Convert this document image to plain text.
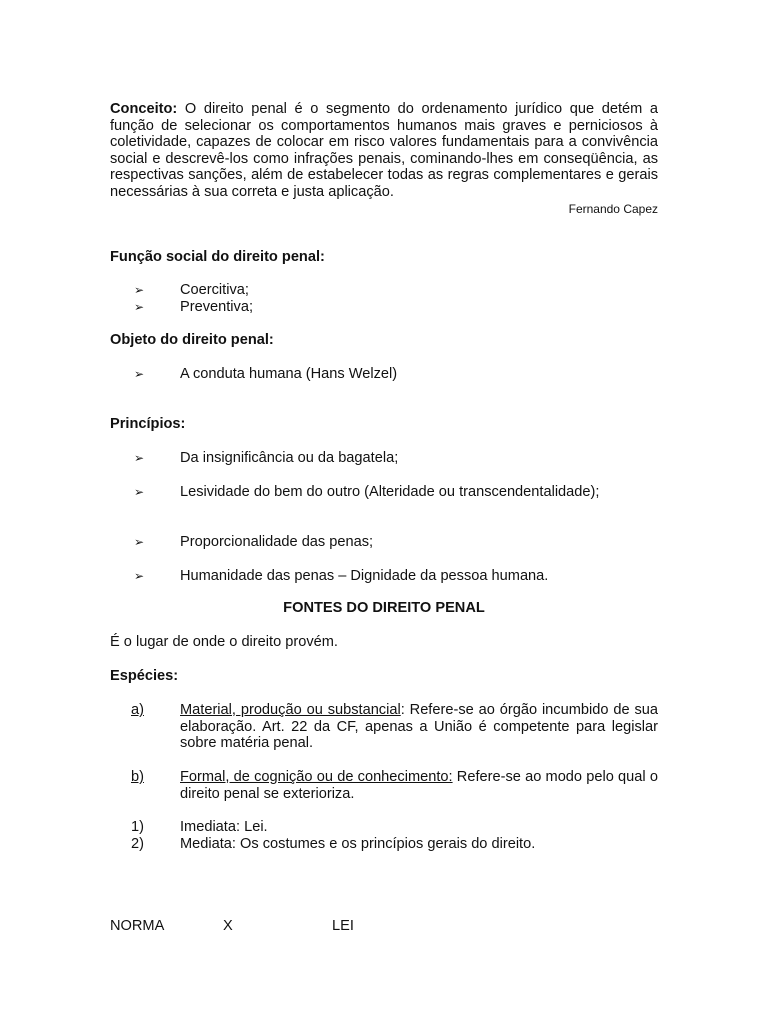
Conceito: O direito penal é o segmento do ordenamento jurídico que detém a função de selecionar os comportamentos humanos mais graves e perniciosos à coletividade, capazes de colocar em risco valores fundamentais para a convivência social e descrevê-los como infrações penais, cominando-lhes em conseqüência, as respectivas sanções, além de estabelecer todas as regras complementares e gerais necessárias à sua correta e justa aplicação.
Fernando Capez
Função social do direito penal:
➢ Coercitiva;
➢ Preventiva;
Objeto do direito penal:
➢ A conduta humana (Hans Welzel)
Princípios:
➢ Da insignificância ou da bagatela;
➢ Lesividade do bem do outro (Alteridade ou transcendentalidade);
➢ Proporcionalidade das penas;
➢ Humanidade das penas – Dignidade da pessoa humana.
FONTES DO DIREITO PENAL
É o lugar de onde o direito provém.
Espécies:
a) Material, produção ou substancial: Refere-se ao órgão incumbido de sua elaboração. Art. 22 da CF, apenas a União é competente para legislar sobre matéria penal.
b) Formal, de cognição ou de conhecimento: Refere-se ao modo pelo qual o direito penal se exterioriza.
1) Imediata: Lei.
2) Mediata: Os costumes e os princípios gerais do direito.
NORMA	X	LEI
